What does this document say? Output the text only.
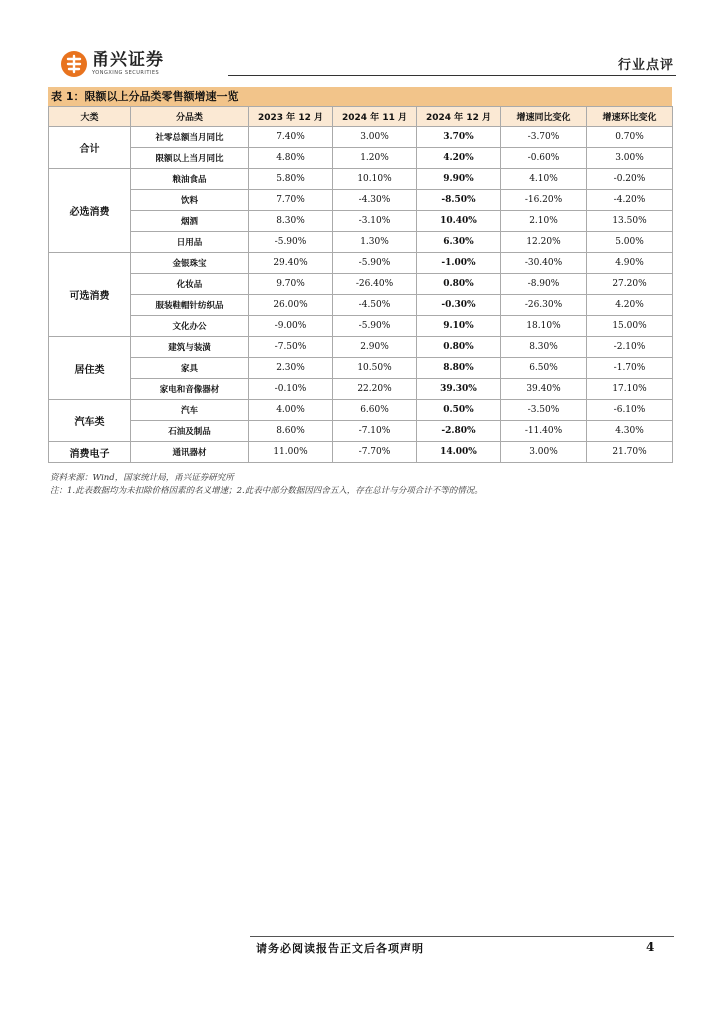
甬兴证券
YONGXING SECURITIES	行业点评
表 1：限额以上分品类零售额增速一览
大类	分品类	2023 年 12 月	2024 年 11 月	2024 年 12 月	增速同比变化	增速环比变化
合计	社零总额当月同比	7.40%	3.00%	3.70%	-3.70%	0.70%
	限额以上当月同比	4.80%	1.20%	4.20%	-0.60%	3.00%
必选消费	粮油食品	5.80%	10.10%	9.90%	4.10%	-0.20%
	饮料	7.70%	-4.30%	-8.50%	-16.20%	-4.20%
	烟酒	8.30%	-3.10%	10.40%	2.10%	13.50%
	日用品	-5.90%	1.30%	6.30%	12.20%	5.00%
可选消费	金银珠宝	29.40%	-5.90%	-1.00%	-30.40%	4.90%
	化妆品	9.70%	-26.40%	0.80%	-8.90%	27.20%
	服装鞋帽针纺织品	26.00%	-4.50%	-0.30%	-26.30%	4.20%
	文化办公	-9.00%	-5.90%	9.10%	18.10%	15.00%
居住类	建筑与装潢	-7.50%	2.90%	0.80%	8.30%	-2.10%
	家具	2.30%	10.50%	8.80%	6.50%	-1.70%
	家电和音像器材	-0.10%	22.20%	39.30%	39.40%	17.10%
汽车类	汽车	4.00%	6.60%	0.50%	-3.50%	-6.10%
	石油及制品	8.60%	-7.10%	-2.80%	-11.40%	4.30%
消费电子	通讯器材	11.00%	-7.70%	14.00%	3.00%	21.70%
资料来源：Wind，国家统计局，甬兴证券研究所
注：1.此表数据均为未扣除价格因素的名义增速；2.此表中部分数据因四舍五入，存在总计与分项合计不等的情况。
请务必阅读报告正文后各项声明	4
